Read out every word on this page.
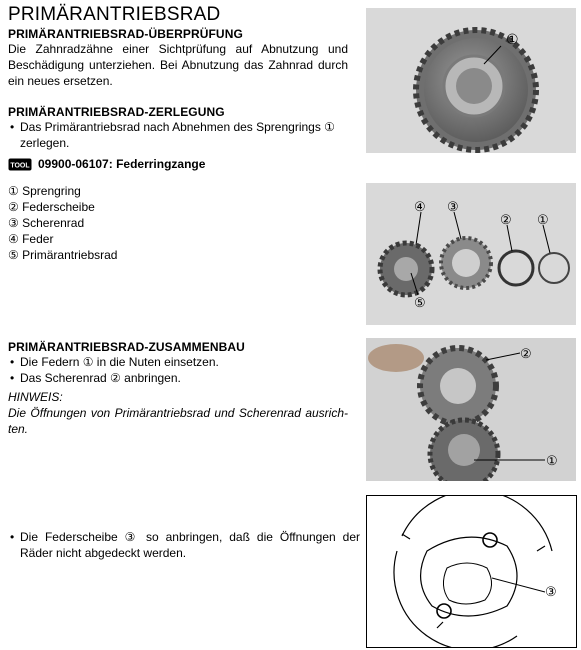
PRIMÄRANTRIEBSRAD
PRIMÄRANTRIEBSRAD-ÜBERPRÜFUNG
Die Zahnradzähne einer Sichtprüfung auf Abnutzung und
Beschädigung unterziehen. Bei Abnutzung das Zahnrad durch
ein neues ersetzen.
PRIMÄRANTRIEBSRAD-ZERLEGUNG
• Das Primärantriebsrad nach Abnehmen des Sprengrings ①
zerlegen.
TOOL 09900-06107: Federringzange
① Sprengring
② Federscheibe
③ Scherenrad
④ Feder
⑤ Primärantriebsrad
PRIMÄRANTRIEBSRAD-ZUSAMMENBAU
• Die Federn ① in die Nuten einsetzen.
• Das Scherenrad ② anbringen.
HINWEIS:
Die Öffnungen von Primärantriebsrad und Scherenrad ausrich-
ten.
• Die Federscheibe ③ so anbringen, daß die Öffnungen der
Räder nicht abgedeckt werden.
①
④ ③
② ①
⑤
②
①
③
